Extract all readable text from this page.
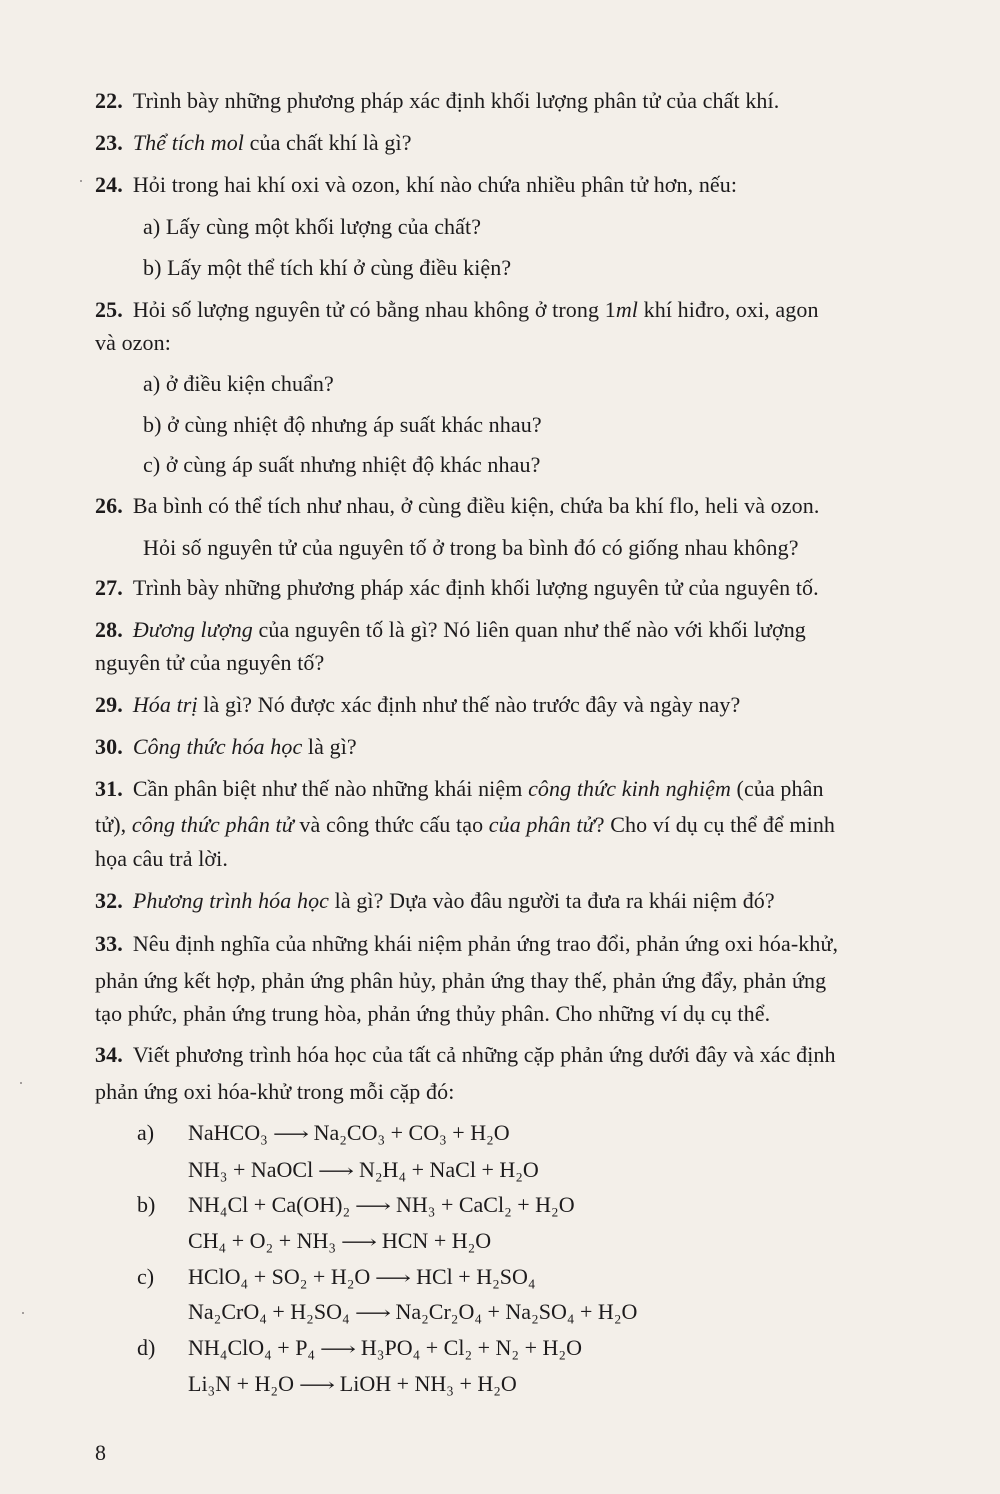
22. Trình bày những phương pháp xác định khối lượng phân tử của chất khí.
23. Thể tích mol của chất khí là gì?
24. Hỏi trong hai khí oxi và ozon, khí nào chứa nhiều phân tử hơn, nếu:
a) Lấy cùng một khối lượng của chất?
b) Lấy một thể tích khí ở cùng điều kiện?
25. Hỏi số lượng nguyên tử có bằng nhau không ở trong 1ml khí hiđro, oxi, agon
và ozon:
a) ở điều kiện chuẩn?
b) ở cùng nhiệt độ nhưng áp suất khác nhau?
c) ở cùng áp suất nhưng nhiệt độ khác nhau?
26. Ba bình có thể tích như nhau, ở cùng điều kiện, chứa ba khí flo, heli và ozon.
Hỏi số nguyên tử của nguyên tố ở trong ba bình đó có giống nhau không?
27. Trình bày những phương pháp xác định khối lượng nguyên tử của nguyên tố.
28. Đương lượng của nguyên tố là gì? Nó liên quan như thế nào với khối lượng
nguyên tử của nguyên tố?
29. Hóa trị là gì? Nó được xác định như thế nào trước đây và ngày nay?
30. Công thức hóa học là gì?
31. Cần phân biệt như thế nào những khái niệm công thức kinh nghiệm (của phân
tử), công thức phân tử và công thức cấu tạo của phân tử? Cho ví dụ cụ thể để minh
họa câu trả lời.
32. Phương trình hóa học là gì? Dựa vào đâu người ta đưa ra khái niệm đó?
33. Nêu định nghĩa của những khái niệm phản ứng trao đổi, phản ứng oxi hóa-khử,
phản ứng kết hợp, phản ứng phân hủy, phản ứng thay thế, phản ứng đẩy, phản ứng
tạo phức, phản ứng trung hòa, phản ứng thủy phân. Cho những ví dụ cụ thể.
34. Viết phương trình hóa học của tất cả những cặp phản ứng dưới đây và xác định
phản ứng oxi hóa-khử trong mỗi cặp đó:
a) NaHCO₃ ⟶ Na₂CO₃ + CO₃ + H₂O
NH₃ + NaOCl ⟶ N₂H₄ + NaCl + H₂O
b) NH₄Cl + Ca(OH)₂ ⟶ NH₃ + CaCl₂ + H₂O
CH₄ + O₂ + NH₃ ⟶ HCN + H₂O
c) HClO₄ + SO₂ + H₂O ⟶ HCl + H₂SO₄
Na₂CrO₄ + H₂SO₄ ⟶ Na₂Cr₂O₄ + Na₂SO₄ + H₂O
d) NH₄ClO₄ + P₄ ⟶ H₃PO₄ + Cl₂ + N₂ + H₂O
Li₃N + H₂O ⟶ LiOH + NH₃ + H₂O
8
